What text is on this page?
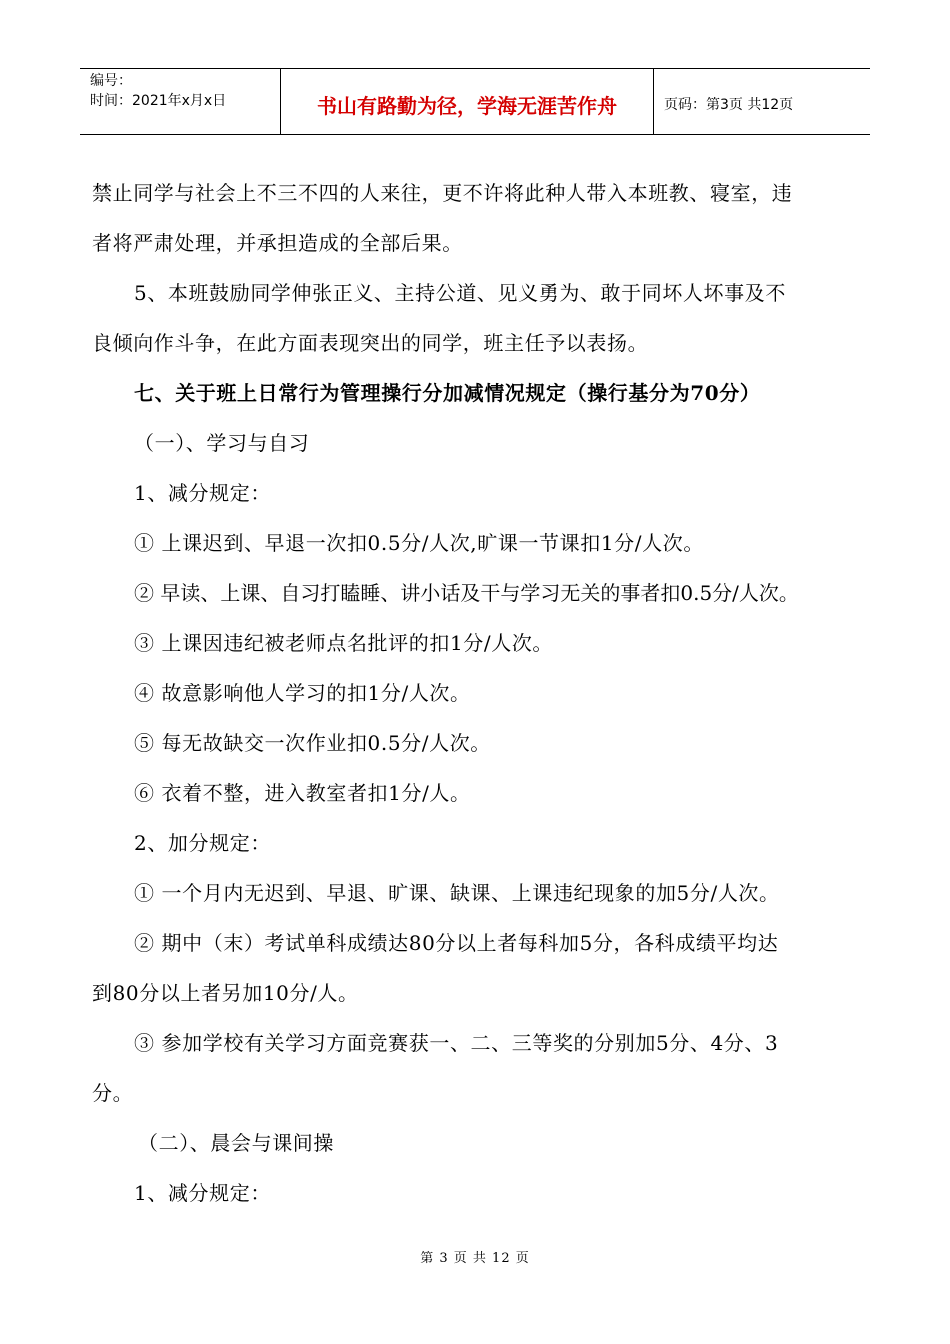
编号：
时间：2021年x月x日	书山有路勤为径，学海无涯苦作舟	页码：第3页 共12页
禁止同学与社会上不三不四的人来往，更不许将此种人带入本班教、寝室，违
者将严肃处理，并承担造成的全部后果。
5、本班鼓励同学伸张正义、主持公道、见义勇为、敢于同坏人坏事及不
良倾向作斗争，在此方面表现突出的同学，班主任予以表扬。
七、关于班上日常行为管理操行分加减情况规定（操行基分为70分）
（一）、学习与自习
1、减分规定：
① 上课迟到、早退一次扣0.5分/人次,旷课一节课扣1分/人次。
② 早读、上课、自习打瞌睡、讲小话及干与学习无关的事者扣0.5分/人次。
③ 上课因违纪被老师点名批评的扣1分/人次。
④ 故意影响他人学习的扣1分/人次。
⑤ 每无故缺交一次作业扣0.5分/人次。
⑥ 衣着不整，进入教室者扣1分/人。
2、加分规定：
① 一个月内无迟到、早退、旷课、缺课、上课违纪现象的加5分/人次。
② 期中（末）考试单科成绩达80分以上者每科加5分，各科成绩平均达
到80分以上者另加10分/人。
③ 参加学校有关学习方面竞赛获一、二、三等奖的分别加5分、4分、3
分。
（二）、晨会与课间操
1、减分规定：
第 3 页 共 12 页
